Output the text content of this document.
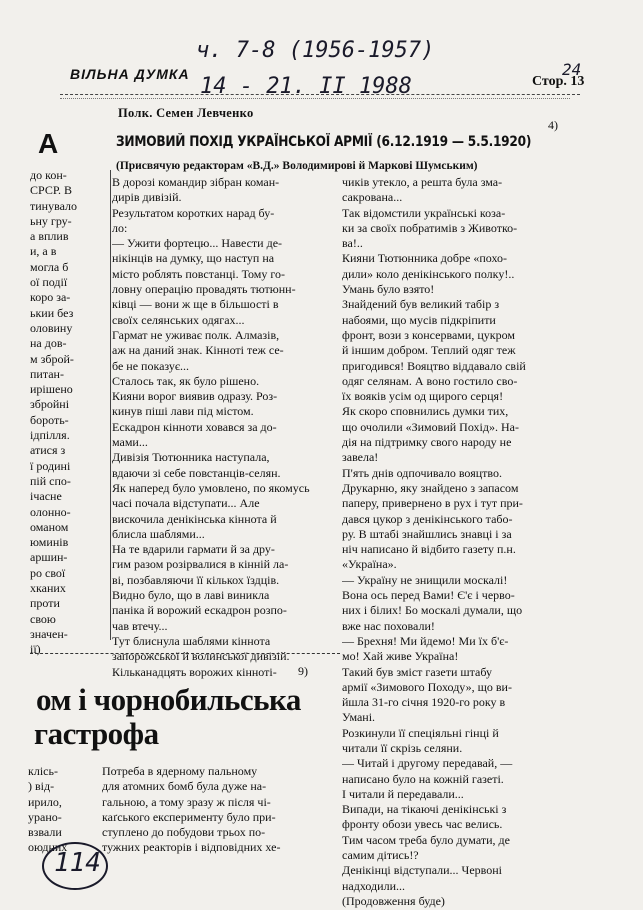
ВІЛЬНА ДУМКА	Стор. 13
ч. 7-8 (1956-1957)
14 - 21. II 1988
24
Полк. Семен Левченко
4)
ЗИМОВИЙ ПОХІД УКРАЇНСЬКОЇ АРМІЇ (6.12.1919 — 5.5.1920)
(Присвячую редакторам «В.Д.» Володимирові й Маркові Шумським)
А
до кон-
СРСР. В
тинувало
ьну гру-
а вплив
и, а в
могла б
ої події
коро за-
ькии без
оловину
на дов-
м зброй-
питан-
ирішено
збройні
бороть-
ідпілля.
атися з
ї родині
пій спо-
ічасне
олонно-
оманом
юминів
аршин-
ро свої
хканих
проти
свою
значен-
ії)
В дорозі командир зібран коман-
дирів дивізій.
Результатом коротких нарад бу-
ло:
— Ужити фортецю... Навести де-
нікінців на думку, що наступ на
місто роблять повстанці. Тому го-
ловну операцію провадять тютюнн-
ківці — вони ж ще в більшості в
своїх селянських одягах...
Гармат не уживає полк. Алмазів,
аж на даний знак. Кінноті теж се-
бе не показує...
Сталось так, як було рішено.
Кияни ворог виявив одразу. Роз-
кинув піші лави під містом.
Ескадрон кінноти ховався за до-
мами...
Дивізія Тютюнника наступала,
вдаючи зі себе повстанців-селян.
Як наперед було умовлено, по якомусь
часі почала відступати... Але
вискочила денікінська кіннота й
блисла шаблями...
На те вдарили гармати й за дру-
гим разом розірвалися в кінній ла-
ві, позбавляючи її кількох їздців.
Видно було, що в лаві виникла
паніка й ворожий ескадрон розпо-
чав втечу...
Тут блиснула шаблями кіннота
запорожської й волинської дивізій.
Кільканадцять ворожих кінноті-
чиків утекло, а решта була зма-
сакрована...
Так відомстили українські коза-
ки за своїх побратимів з Животко-
ва!..
Кияни Тютюнника добре «похо-
дили» коло денікінського полку!..
Умань було взято!
Знайдений був великий табір з
набоями, що мусів підкріпити
фронт, вози з консервами, цукром
й іншим добром. Теплий одяг теж
пригодився! Вояцтво віддавало свій
одяг селянам. А воно гостило сво-
їх вояків усім од щирого серця!
Як скоро сповнились думки тих,
що очолили «Зимовий Похід». На-
дія на підтримку свого народу не
завела!
П'ять днів одпочивало вояцтво.
Друкарню, яку знайдено з запасом
паперу, привернено в рух і тут при-
дався цукор з денікінського табо-
ру. В штабі знайшлись знавці і за
ніч написано й відбито газету п.н.
«Україна».
— Україну не знищили москалі!
Вона ось перед Вами! Є'є і черво-
них і білих! Бо москалі думали, що
вже нас поховали!
— Брехня! Ми йдемо! Ми їх б'є-
мо! Хай живе Україна!
Такий був зміст газети штабу
армії «Зимового Походу», що ви-
йшла 31-го січня 1920-го року в
Умані.
Розкинули її спеціяльні гінці й
читали її скрізь селяни.
— Читай і другому передавай, —
написано було на кожній газеті.
І читали й передавали...
Випади, на тікаючі денікінські з
фронту обози увесь час велись.
Тим часом треба було думати, де
самим дітись!?
Денікінці відступали... Червоні
надходили...
(Продовження буде)
9)
ом і чорнобильська
гастрофа
клісь-
) від-
ирило,
урано-
взвали
оюдних
Потреба в ядерному пальному
для атомних бомб була дуже на-
гальною, а тому зразу ж після чі-
каґського експерименту було при-
ступлено до побудови трьох по-
тужних реакторів і відповідних хе-
114
